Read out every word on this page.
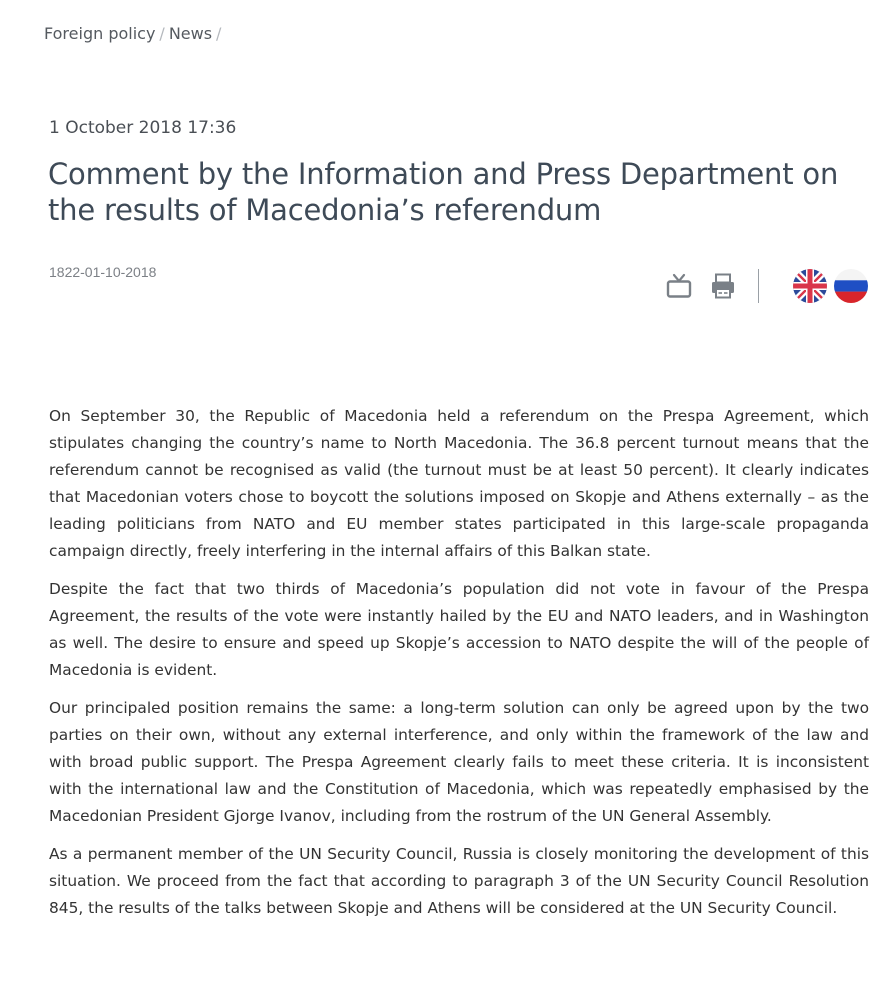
Foreign policy / News /
1 October 2018 17:36
Comment by the Information and Press Department on the results of Macedonia’s referendum
1822-01-10-2018

On September 30, the Republic of Macedonia held a referendum on the Prespa Agreement, which stipulates changing the country’s name to North Macedonia. The 36.8 percent turnout means that the referendum cannot be recognised as valid (the turnout must be at least 50 percent). It clearly indicates that Macedonian voters chose to boycott the solutions imposed on Skopje and Athens externally – as the leading politicians from NATO and EU member states participated in this large-scale propaganda campaign directly, freely interfering in the internal affairs of this Balkan state.

Despite the fact that two thirds of Macedonia’s population did not vote in favour of the Prespa Agreement, the results of the vote were instantly hailed by the EU and NATO leaders, and in Washington as well. The desire to ensure and speed up Skopje’s accession to NATO despite the will of the people of Macedonia is evident.

Our principaled position remains the same: a long-term solution can only be agreed upon by the two parties on their own, without any external interference, and only within the framework of the law and with broad public support. The Prespa Agreement clearly fails to meet these criteria. It is inconsistent with the international law and the Constitution of Macedonia, which was repeatedly emphasised by the Macedonian President Gjorge Ivanov, including from the rostrum of the UN General Assembly.

As a permanent member of the UN Security Council, Russia is closely monitoring the development of this situation. We proceed from the fact that according to paragraph 3 of the UN Security Council Resolution 845, the results of the talks between Skopje and Athens will be considered at the UN Security Council.
